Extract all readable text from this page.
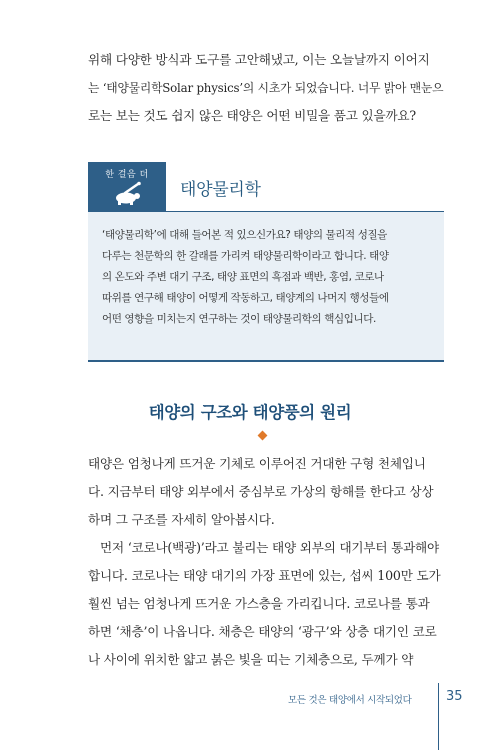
위해 다양한 방식과 도구를 고안해냈고, 이는 오늘날까지 이어지
는 ‘태양물리학Solar physics’의 시초가 되었습니다. 너무 밝아 맨눈으
로는 보는 것도 쉽지 않은 태양은 어떤 비밀을 품고 있을까요?

한 걸음 더
태양물리학

‘태양물리학’에 대해 들어본 적 있으신가요? 태양의 물리적 성질을
다루는 천문학의 한 갈래를 가리켜 태양물리학이라고 합니다. 태양
의 온도와 주변 대기 구조, 태양 표면의 흑점과 백반, 홍염, 코로나
따위를 연구해 태양이 어떻게 작동하고, 태양계의 나머지 행성들에
어떤 영향을 미치는지 연구하는 것이 태양물리학의 핵심입니다.

태양의 구조와 태양풍의 원리

태양은 엄청나게 뜨거운 기체로 이루어진 거대한 구형 천체입니
다. 지금부터 태양 외부에서 중심부로 가상의 항해를 한다고 상상
하며 그 구조를 자세히 알아봅시다.

먼저 ‘코로나(백광)’라고 불리는 태양 외부의 대기부터 통과해야
합니다. 코로나는 태양 대기의 가장 표면에 있는, 섭씨 100만 도가
훨씬 넘는 엄청나게 뜨거운 가스층을 가리킵니다. 코로나를 통과
하면 ‘채층’이 나옵니다. 채층은 태양의 ‘광구’와 상층 대기인 코로
나 사이에 위치한 얇고 붉은 빛을 띠는 기체층으로, 두께가 약

모든 것은 태양에서 시작되었다	35
